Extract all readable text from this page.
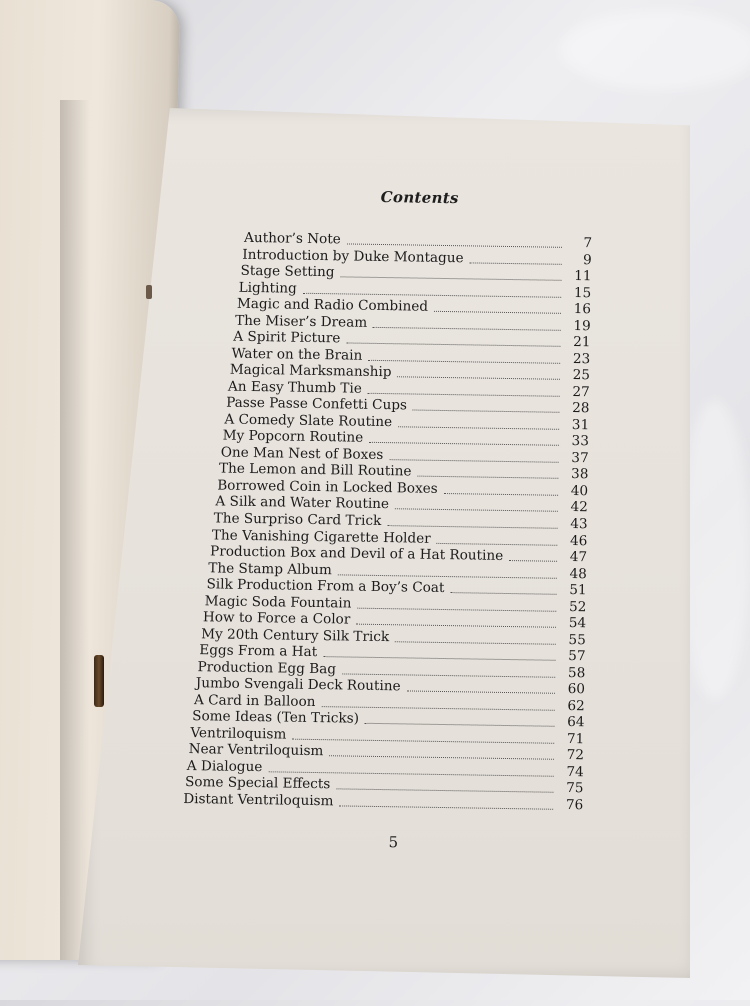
Contents
Author’s Note	7
Introduction by Duke Montague	9
Stage Setting	11
Lighting	15
Magic and Radio Combined	16
The Miser’s Dream	19
A Spirit Picture	21
Water on the Brain	23
Magical Marksmanship	25
An Easy Thumb Tie	27
Passe Passe Confetti Cups	28
A Comedy Slate Routine	31
My Popcorn Routine	33
One Man Nest of Boxes	37
The Lemon and Bill Routine	38
Borrowed Coin in Locked Boxes	40
A Silk and Water Routine	42
The Surpriso Card Trick	43
The Vanishing Cigarette Holder	46
Production Box and Devil of a Hat Routine	47
The Stamp Album	48
Silk Production From a Boy’s Coat	51
Magic Soda Fountain	52
How to Force a Color	54
My 20th Century Silk Trick	55
Eggs From a Hat	57
Production Egg Bag	58
Jumbo Svengali Deck Routine	60
A Card in Balloon	62
Some Ideas (Ten Tricks)	64
Ventriloquism	71
Near Ventriloquism	72
A Dialogue	74
Some Special Effects	75
Distant Ventriloquism	76
5
